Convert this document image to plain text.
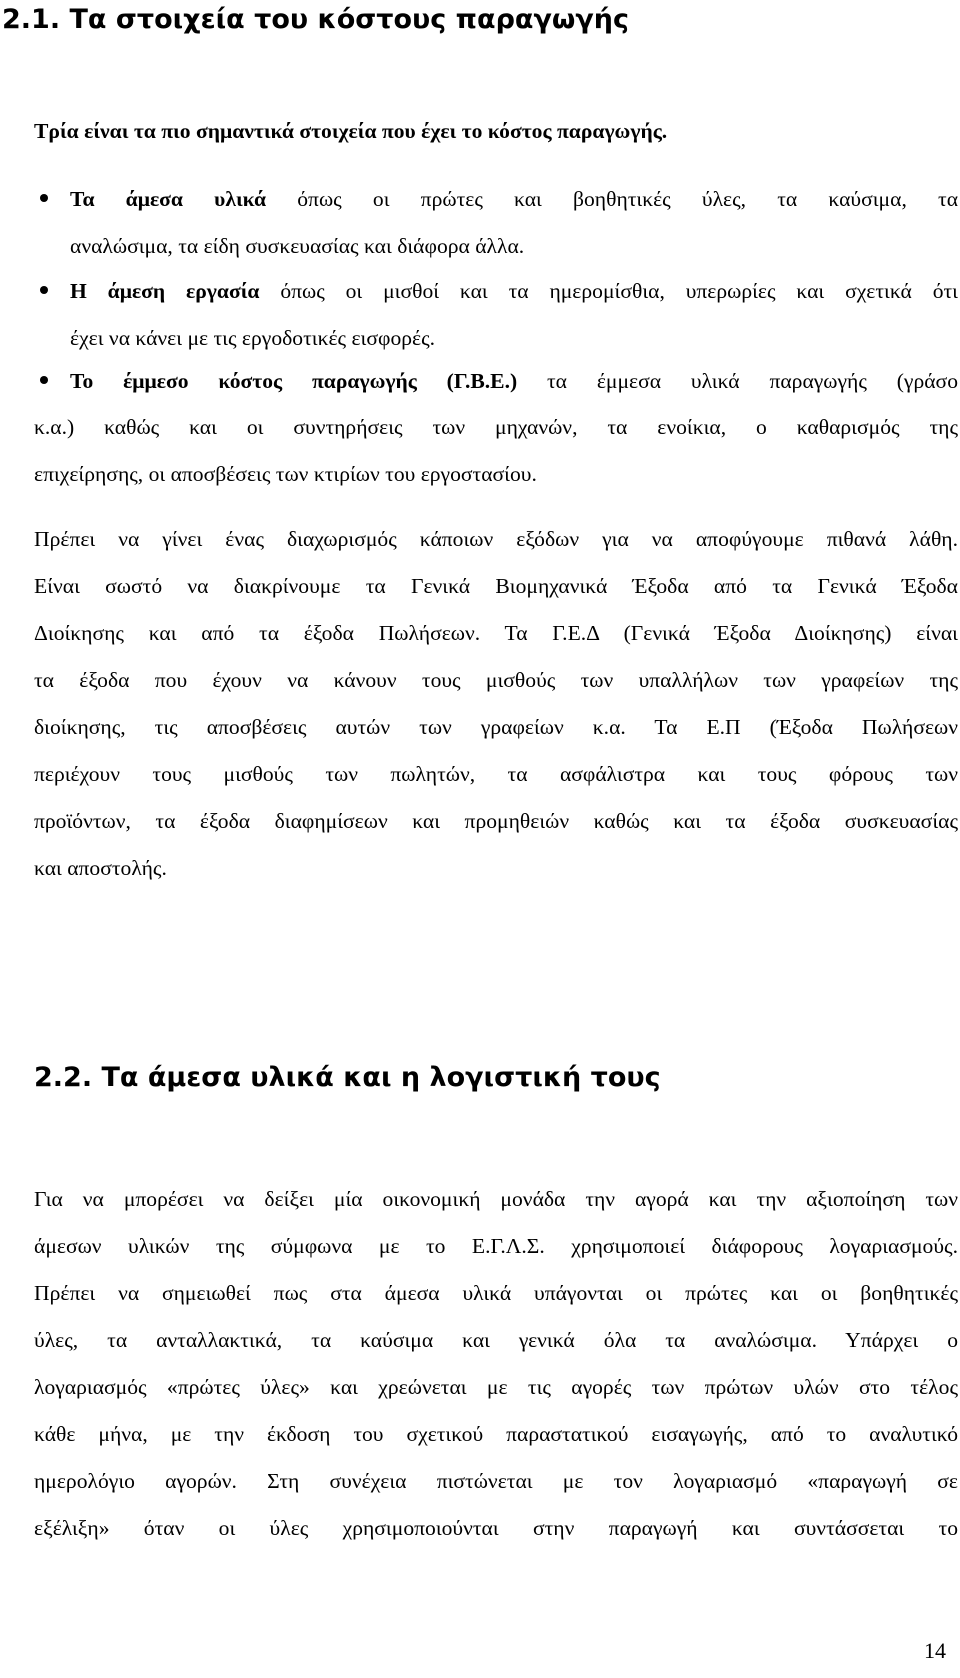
2.1. Τα στοιχεία του κόστους παραγωγής
Τρία είναι τα πιο σημαντικά στοιχεία που έχει το κόστος παραγωγής.
Τα άμεσα υλικά όπως οι πρώτες και βοηθητικές ύλες, τα καύσιμα, τα
αναλώσιμα, τα είδη συσκευασίας και διάφορα άλλα.
Η άμεση εργασία όπως οι μισθοί και τα ημερομίσθια, υπερωρίες και σχετικά ότι
έχει να κάνει με τις εργοδοτικές εισφορές.
Το έμμεσο κόστος παραγωγής (Γ.Β.Ε.) τα έμμεσα υλικά παραγωγής (γράσο
κ.α.) καθώς και οι συντηρήσεις των μηχανών, τα ενοίκια, ο καθαρισμός της
επιχείρησης, οι αποσβέσεις των κτιρίων του εργοστασίου.
Πρέπει να γίνει ένας διαχωρισμός κάποιων εξόδων για να αποφύγουμε πιθανά λάθη.
Είναι σωστό να διακρίνουμε τα Γενικά Βιομηχανικά Έξοδα από τα Γενικά Έξοδα
Διοίκησης και από τα έξοδα Πωλήσεων. Τα Γ.Ε.Δ (Γενικά Έξοδα Διοίκησης) είναι
τα έξοδα που έχουν να κάνουν τους μισθούς των υπαλλήλων των γραφείων της
διοίκησης, τις αποσβέσεις αυτών των γραφείων κ.α. Τα Ε.Π (Έξοδα Πωλήσεων
περιέχουν τους μισθούς των πωλητών, τα ασφάλιστρα και τους φόρους των
προϊόντων, τα έξοδα διαφημίσεων και προμηθειών καθώς και τα έξοδα συσκευασίας
και αποστολής.
2.2. Τα άμεσα υλικά και η λογιστική τους
Για να μπορέσει να δείξει μία οικονομική μονάδα την αγορά και την αξιοποίηση των
άμεσων υλικών της σύμφωνα με το Ε.Γ.Λ.Σ. χρησιμοποιεί διάφορους λογαριασμούς.
Πρέπει να σημειωθεί πως στα άμεσα υλικά υπάγονται οι πρώτες και οι βοηθητικές
ύλες, τα ανταλλακτικά, τα καύσιμα και γενικά όλα τα αναλώσιμα. Υπάρχει ο
λογαριασμός «πρώτες ύλες» και χρεώνεται με τις αγορές των πρώτων υλών στο τέλος
κάθε μήνα, με την έκδοση του σχετικού παραστατικού εισαγωγής, από το αναλυτικό
ημερολόγιο αγορών. Στη συνέχεια πιστώνεται με τον λογαριασμό «παραγωγή σε
εξέλιξη» όταν οι ύλες χρησιμοποιούνται στην παραγωγή και συντάσσεται το
14
